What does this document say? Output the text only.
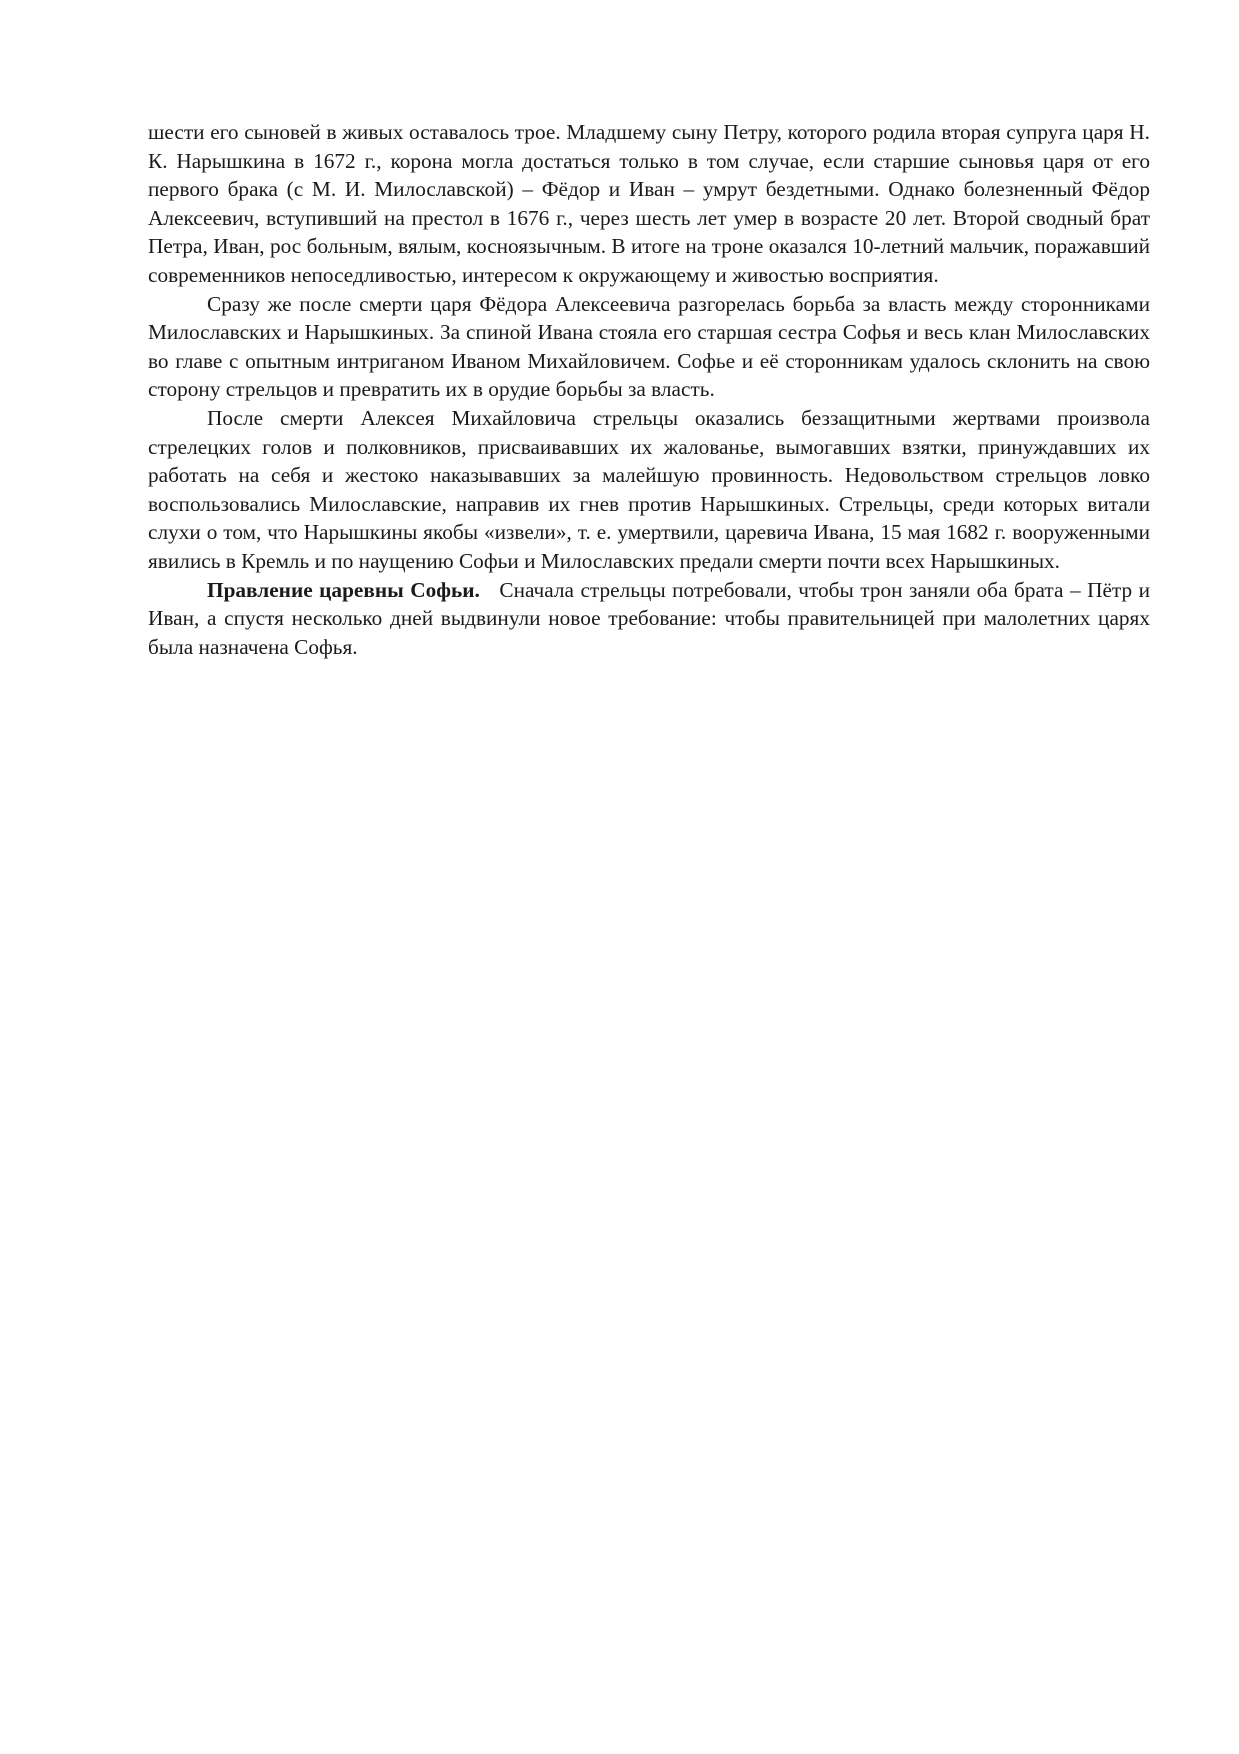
шести его сыновей в живых оставалось трое. Младшему сыну Петру, которого родила вторая супруга царя Н. К. Нарышкина в 1672 г., корона могла достаться только в том случае, если старшие сыновья царя от его первого брака (с М. И. Милославской) – Фёдор и Иван – умрут бездетными. Однако болезненный Фёдор Алексеевич, вступивший на престол в 1676 г., через шесть лет умер в возрасте 20 лет. Второй сводный брат Петра, Иван, рос больным, вялым, косноязычным. В итоге на троне оказался 10-летний мальчик, поражавший современников непоседливостью, интересом к окружающему и живостью восприятия.

Сразу же после смерти царя Фёдора Алексеевича разгорелась борьба за власть между сторонниками Милославских и Нарышкиных. За спиной Ивана стояла его старшая сестра Софья и весь клан Милославских во главе с опытным интриганом Иваном Михайловичем. Софье и её сторонникам удалось склонить на свою сторону стрельцов и превратить их в орудие борьбы за власть.

После смерти Алексея Михайловича стрельцы оказались беззащитными жертвами произвола стрелецких голов и полковников, присваивавших их жалованье, вымогавших взятки, принуждавших их работать на себя и жестоко наказывавших за малейшую провинность. Недовольством стрельцов ловко воспользовались Милославские, направив их гнев против Нарышкиных. Стрельцы, среди которых витали слухи о том, что Нарышкины якобы «извели», т. е. умертвили, царевича Ивана, 15 мая 1682 г. вооруженными явились в Кремль и по наущению Софьи и Милославских предали смерти почти всех Нарышкиных.

Правление царевны Софьи. Сначала стрельцы потребовали, чтобы трон заняли оба брата – Пётр и Иван, а спустя несколько дней выдвинули новое требование: чтобы правительницей при малолетних царях была назначена Софья.
